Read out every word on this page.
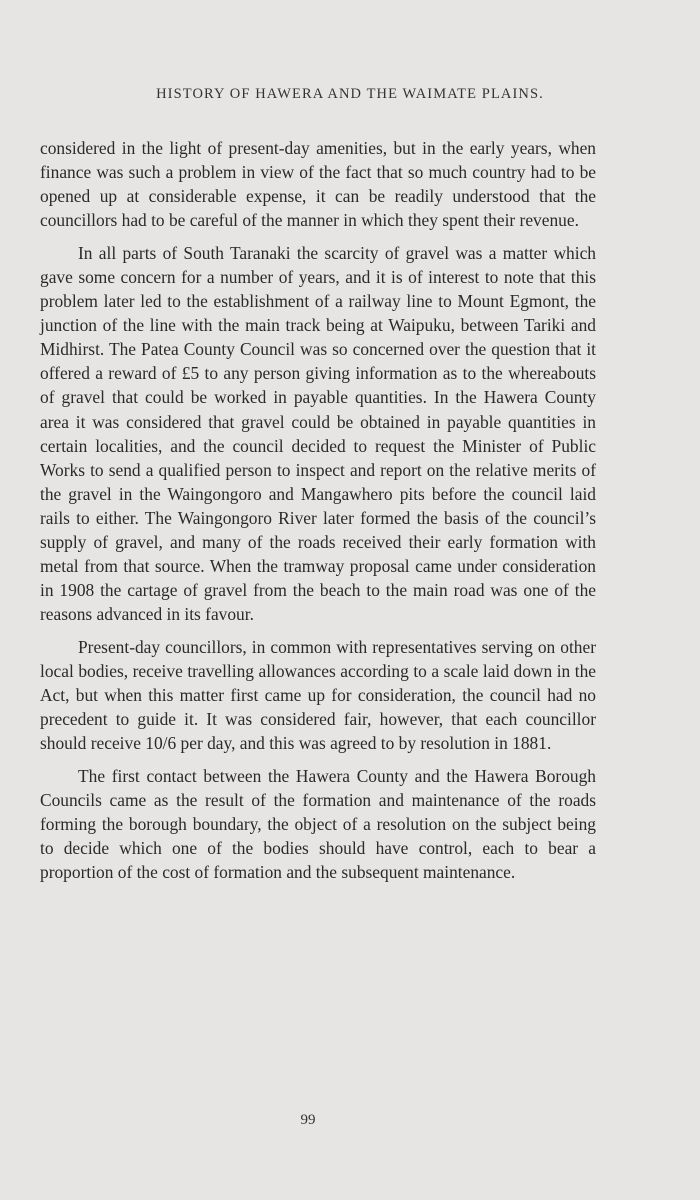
HISTORY OF HAWERA AND THE WAIMATE PLAINS.

considered in the light of present-day amenities, but in the early years, when finance was such a problem in view of the fact that so much country had to be opened up at considerable expense, it can be readily understood that the councillors had to be careful of the manner in which they spent their revenue.

In all parts of South Taranaki the scarcity of gravel was a matter which gave some concern for a number of years, and it is of interest to note that this problem later led to the establishment of a railway line to Mount Egmont, the junction of the line with the main track being at Waipuku, between Tariki and Midhirst. The Patea County Council was so concerned over the question that it offered a reward of £5 to any person giving information as to the whereabouts of gravel that could be worked in payable quantities. In the Hawera County area it was considered that gravel could be obtained in payable quantities in certain localities, and the council decided to request the Minister of Public Works to send a qualified person to inspect and report on the relative merits of the gravel in the Waingongoro and Mangawhero pits before the council laid rails to either. The Waingongoro River later formed the basis of the council’s supply of gravel, and many of the roads received their early formation with metal from that source. When the tramway proposal came under consideration in 1908 the cartage of gravel from the beach to the main road was one of the reasons advanced in its favour.

Present-day councillors, in common with representatives serving on other local bodies, receive travelling allowances according to a scale laid down in the Act, but when this matter first came up for consideration, the council had no precedent to guide it. It was considered fair, however, that each councillor should receive 10/6 per day, and this was agreed to by resolution in 1881.

The first contact between the Hawera County and the Hawera Borough Councils came as the result of the formation and maintenance of the roads forming the borough boundary, the object of a resolution on the subject being to decide which one of the bodies should have control, each to bear a proportion of the cost of formation and the subsequent maintenance.

99
